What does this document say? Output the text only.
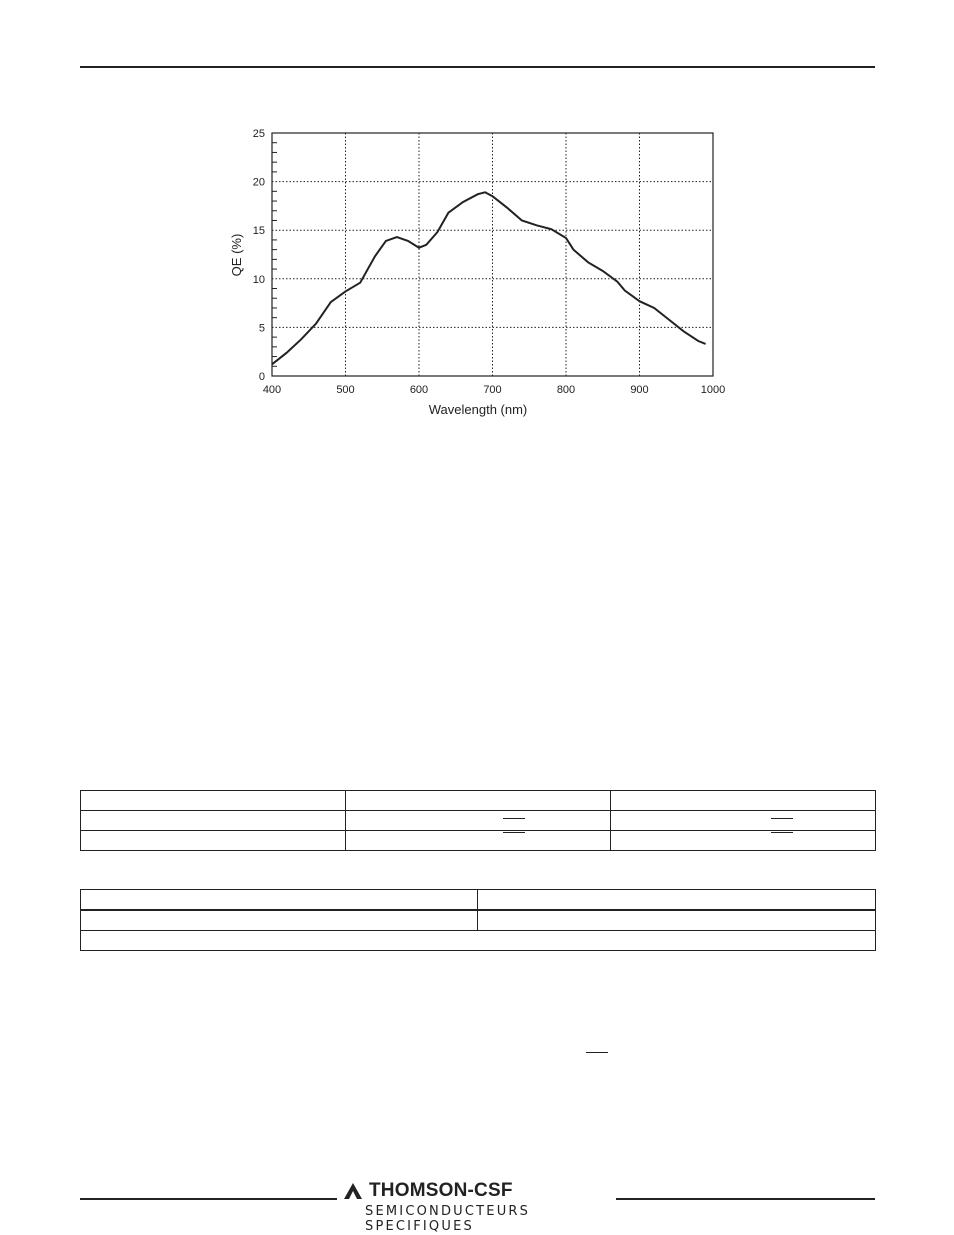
400	500	600	700	800	900	1000
0
5
10
15
20
25
Wavelength (nm)
QE (%)

THOMSON-CSF
SEMICONDUCTEURS SPECIFIQUES
